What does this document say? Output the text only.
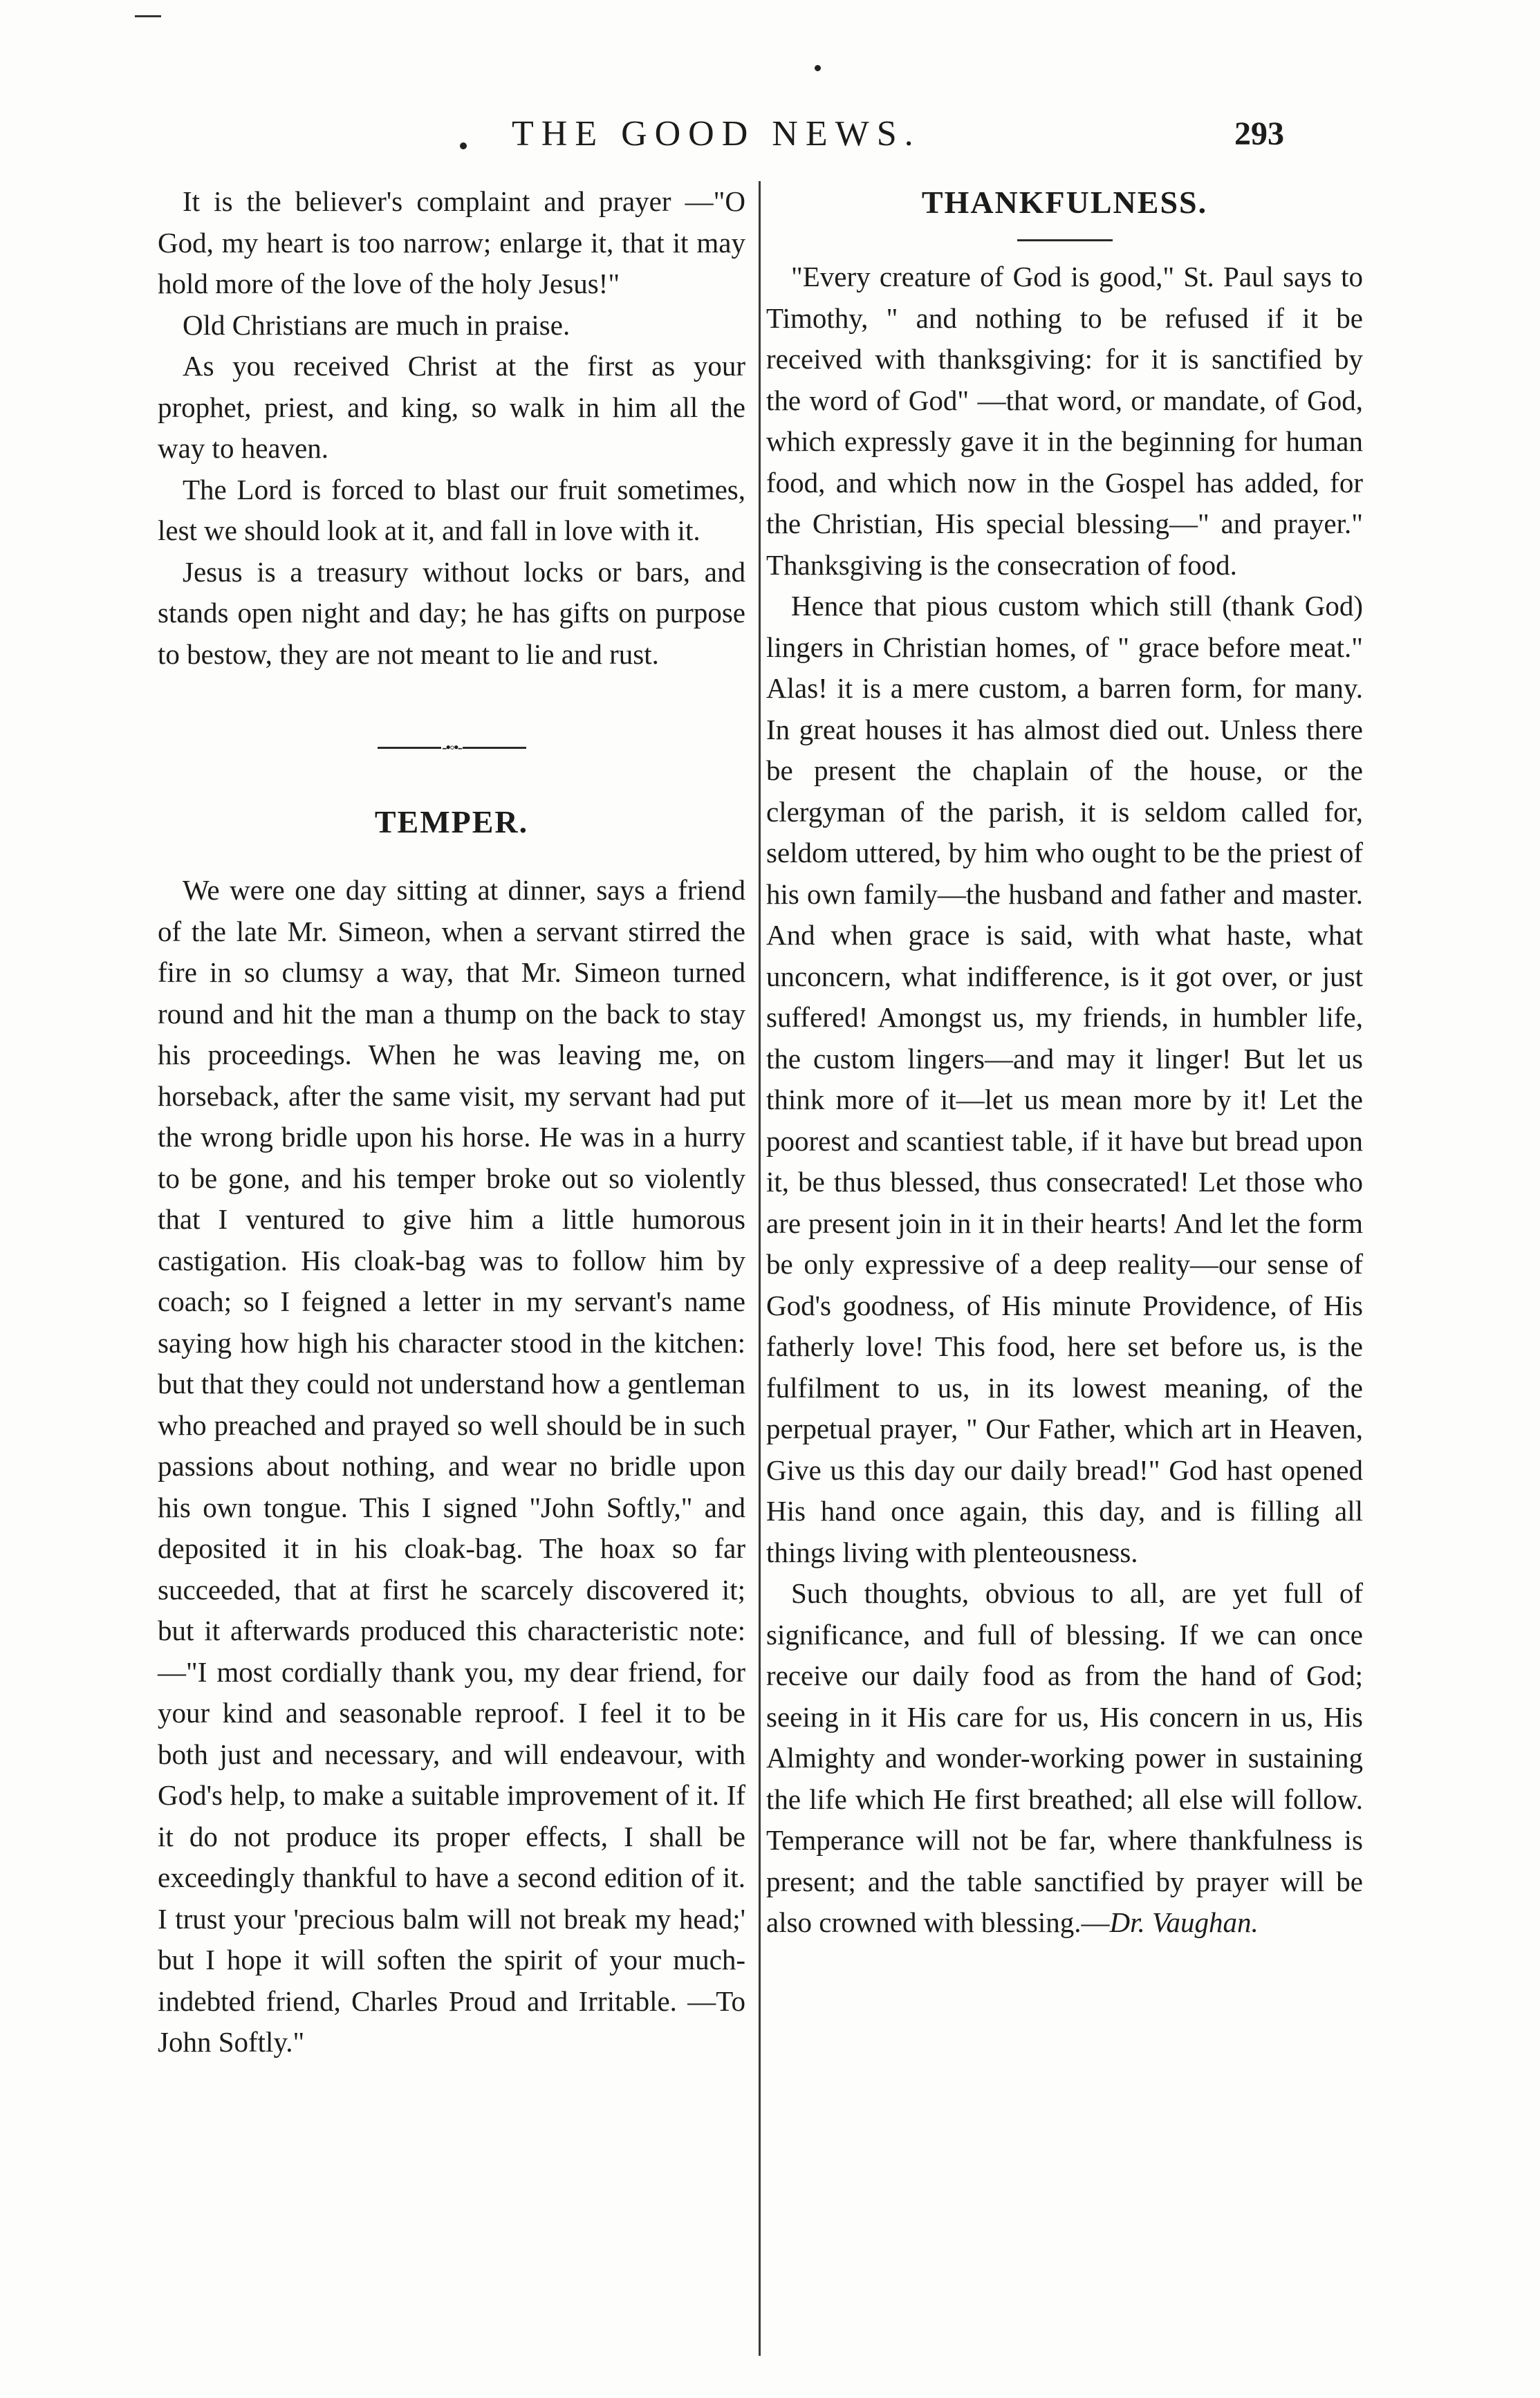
THE GOOD NEWS.	293

It is the believer's complaint and prayer —"O God, my heart is too narrow; enlarge it, that it may hold more of the love of the holy Jesus!"

Old Christians are much in praise.

As you received Christ at the first as your prophet, priest, and king, so walk in him all the way to heaven.

The Lord is forced to blast our fruit sometimes, lest we should look at it, and fall in love with it.

Jesus is a treasury without locks or bars, and stands open night and day; he has gifts on purpose to bestow, they are not meant to lie and rust.

-•◦•-
TEMPER.

We were one day sitting at dinner, says a friend of the late Mr. Simeon, when a servant stirred the fire in so clumsy a way, that Mr. Simeon turned round and hit the man a thump on the back to stay his proceedings. When he was leaving me, on horseback, after the same visit, my servant had put the wrong bridle upon his horse. He was in a hurry to be gone, and his temper broke out so violently that I ventured to give him a little humorous castigation. His cloak-bag was to follow him by coach; so I feigned a letter in my servant's name saying how high his character stood in the kitchen: but that they could not understand how a gentleman who preached and prayed so well should be in such passions about nothing, and wear no bridle upon his own tongue. This I signed "John Softly," and deposited it in his cloak-bag. The hoax so far succeeded, that at first he scarcely discovered it; but it afterwards produced this characteristic note:—"I most cordially thank you, my dear friend, for your kind and seasonable reproof. I feel it to be both just and necessary, and will endeavour, with God's help, to make a suitable improvement of it. If it do not produce its proper effects, I shall be exceedingly thankful to have a second edition of it. I trust your 'precious balm will not break my head;' but I hope it will soften the spirit of your much-indebted friend, Charles Proud and Irritable. —To John Softly."

THANKFULNESS.

"Every creature of God is good," St. Paul says to Timothy, " and nothing to be refused if it be received with thanksgiving: for it is sanctified by the word of God" —that word, or mandate, of God, which expressly gave it in the beginning for human food, and which now in the Gospel has added, for the Christian, His special blessing—" and prayer." Thanksgiving is the consecration of food.

Hence that pious custom which still (thank God) lingers in Christian homes, of " grace before meat." Alas! it is a mere custom, a barren form, for many. In great houses it has almost died out. Unless there be present the chaplain of the house, or the clergyman of the parish, it is seldom called for, seldom uttered, by him who ought to be the priest of his own family—the husband and father and master. And when grace is said, with what haste, what unconcern, what indifference, is it got over, or just suffered! Amongst us, my friends, in humbler life, the custom lingers—and may it linger! But let us think more of it—let us mean more by it! Let the poorest and scantiest table, if it have but bread upon it, be thus blessed, thus consecrated! Let those who are present join in it in their hearts! And let the form be only expressive of a deep reality—our sense of God's goodness, of His minute Providence, of His fatherly love! This food, here set before us, is the fulfilment to us, in its lowest meaning, of the perpetual prayer, " Our Father, which art in Heaven, Give us this day our daily bread!" God hast opened His hand once again, this day, and is filling all things living with plenteousness.

Such thoughts, obvious to all, are yet full of significance, and full of blessing. If we can once receive our daily food as from the hand of God; seeing in it His care for us, His concern in us, His Almighty and wonder-working power in sustaining the life which He first breathed; all else will follow. Temperance will not be far, where thankfulness is present; and the table sanctified by prayer will be also crowned with blessing.—Dr. Vaughan.
